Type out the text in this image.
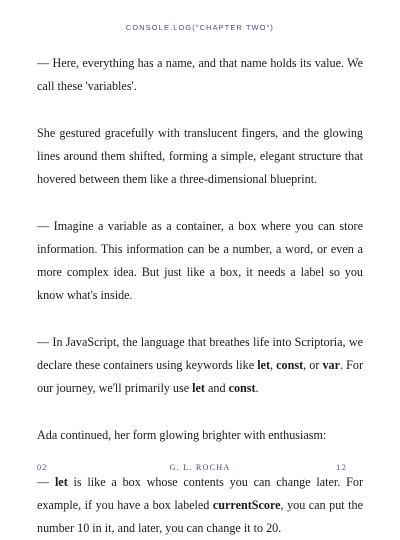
CONSOLE.LOG("CHAPTER TWO")

— Here, everything has a name, and that name holds its value. We call these 'variables'.

She gestured gracefully with translucent fingers, and the glowing lines around them shifted, forming a simple, elegant structure that hovered between them like a three-dimensional blueprint.

— Imagine a variable as a container, a box where you can store information. This information can be a number, a word, or even a more complex idea. But just like a box, it needs a label so you know what's inside.

— In JavaScript, the language that breathes life into Scriptoria, we declare these containers using keywords like let, const, or var. For our journey, we'll primarily use let and const.

Ada continued, her form glowing brighter with enthusiasm:

— let is like a box whose contents you can change later. For example, if you have a box labeled currentScore, you can put the number 10 in it, and later, you can change it to 20.

02	G. L. ROCHA	12
